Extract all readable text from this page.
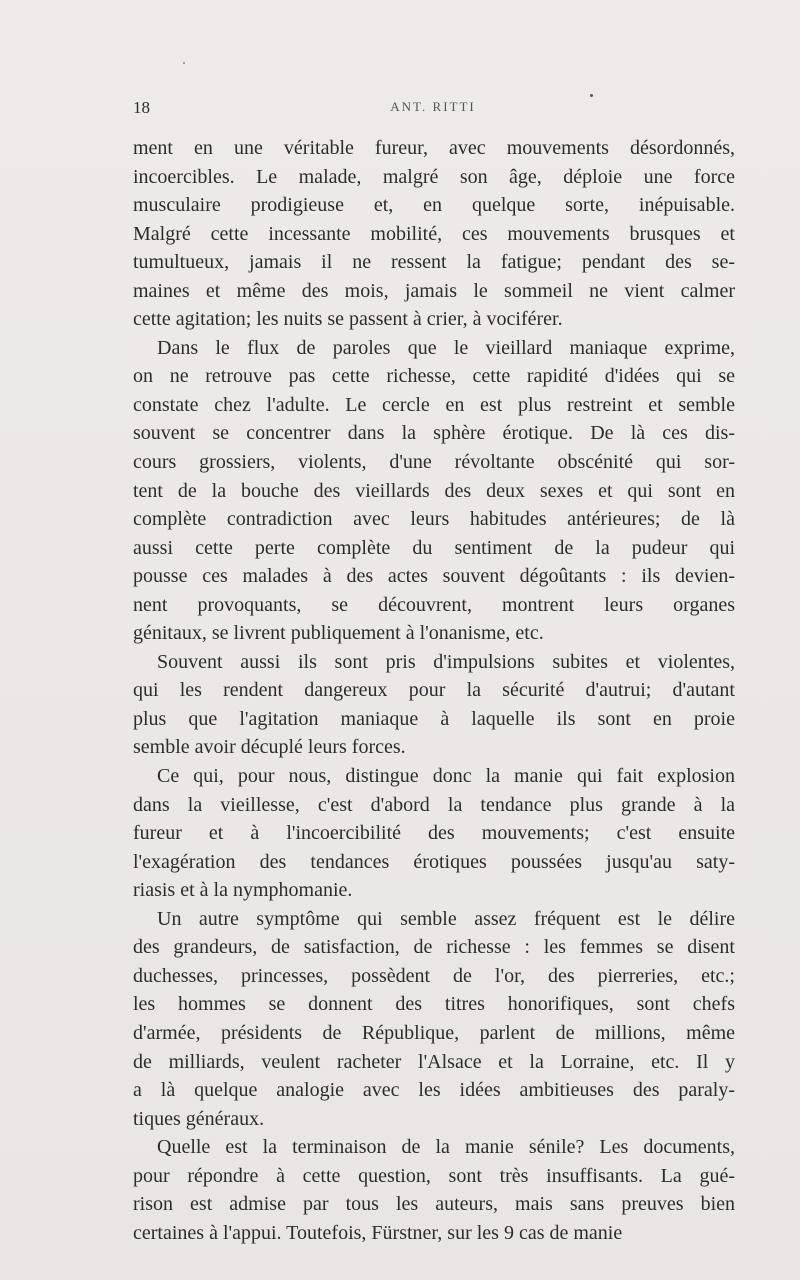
18	ANT. RITTI
ment en une véritable fureur, avec mouvements désordonnés,
incoercibles. Le malade, malgré son âge, déploie une force
musculaire prodigieuse et, en quelque sorte, inépuisable.
Malgré cette incessante mobilité, ces mouvements brusques et
tumultueux, jamais il ne ressent la fatigue; pendant des se-
maines et même des mois, jamais le sommeil ne vient calmer
cette agitation; les nuits se passent à crier, à vociférer.
Dans le flux de paroles que le vieillard maniaque exprime,
on ne retrouve pas cette richesse, cette rapidité d'idées qui se
constate chez l'adulte. Le cercle en est plus restreint et semble
souvent se concentrer dans la sphère érotique. De là ces dis-
cours grossiers, violents, d'une révoltante obscénité qui sor-
tent de la bouche des vieillards des deux sexes et qui sont en
complète contradiction avec leurs habitudes antérieures; de là
aussi cette perte complète du sentiment de la pudeur qui
pousse ces malades à des actes souvent dégoûtants : ils devien-
nent provoquants, se découvrent, montrent leurs organes
génitaux, se livrent publiquement à l'onanisme, etc.
Souvent aussi ils sont pris d'impulsions subites et violentes,
qui les rendent dangereux pour la sécurité d'autrui; d'autant
plus que l'agitation maniaque à laquelle ils sont en proie
semble avoir décuplé leurs forces.
Ce qui, pour nous, distingue donc la manie qui fait explosion
dans la vieillesse, c'est d'abord la tendance plus grande à la
fureur et à l'incoercibilité des mouvements; c'est ensuite
l'exagération des tendances érotiques poussées jusqu'au saty-
riasis et à la nymphomanie.
Un autre symptôme qui semble assez fréquent est le délire
des grandeurs, de satisfaction, de richesse : les femmes se disent
duchesses, princesses, possèdent de l'or, des pierreries, etc.;
les hommes se donnent des titres honorifiques, sont chefs
d'armée, présidents de République, parlent de millions, même
de milliards, veulent racheter l'Alsace et la Lorraine, etc. Il y
a là quelque analogie avec les idées ambitieuses des paraly-
tiques généraux.
Quelle est la terminaison de la manie sénile? Les documents,
pour répondre à cette question, sont très insuffisants. La gué-
rison est admise par tous les auteurs, mais sans preuves bien
certaines à l'appui. Toutefois, Fürstner, sur les 9 cas de manie
